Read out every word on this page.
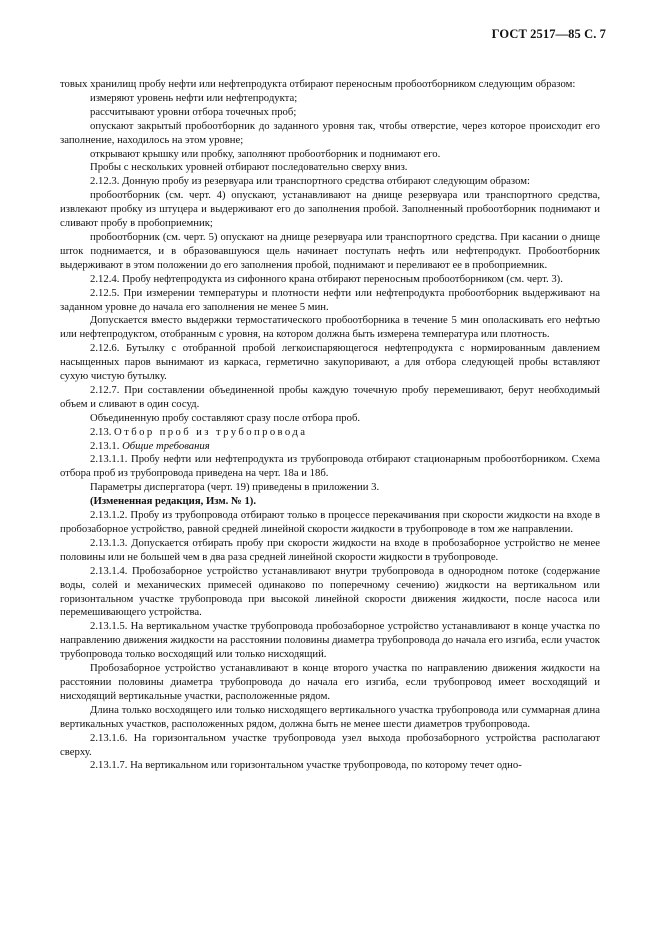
ГОСТ 2517—85 С. 7

товых хранилищ пробу нефти или нефтепродукта отбирают переносным пробоотборником следующим образом:

измеряют уровень нефти или нефтепродукта;

рассчитывают уровни отбора точечных проб;

опускают закрытый пробоотборник до заданного уровня так, чтобы отверстие, через которое происходит его заполнение, находилось на этом уровне;

открывают крышку или пробку, заполняют пробоотборник и поднимают его.

Пробы с нескольких уровней отбирают последовательно сверху вниз.

2.12.3. Донную пробу из резервуара или транспортного средства отбирают следующим образом:

пробоотборник (см. черт. 4) опускают, устанавливают на днище резервуара или транспортного средства, извлекают пробку из штуцера и выдерживают его до заполнения пробой. Заполненный пробоотборник поднимают и сливают пробу в пробоприемник;

пробоотборник (см. черт. 5) опускают на днище резервуара или транспортного средства. При касании о днище шток поднимается, и в образовавшуюся щель начинает поступать нефть или нефтепродукт. Пробоотборник выдерживают в этом положении до его заполнения пробой, поднимают и переливают ее в пробоприемник.

2.12.4. Пробу нефтепродукта из сифонного крана отбирают переносным пробоотборником (см. черт. 3).

2.12.5. При измерении температуры и плотности нефти или нефтепродукта пробоотборник выдерживают на заданном уровне до начала его заполнения не менее 5 мин.

Допускается вместо выдержки термостатического пробоотборника в течение 5 мин ополаскивать его нефтью или нефтепродуктом, отобранным с уровня, на котором должна быть измерена температура или плотность.

2.12.6. Бутылку с отобранной пробой легкоиспаряющегося нефтепродукта с нормированным давлением насыщенных паров вынимают из каркаса, герметично закупоривают, а для отбора следующей пробы вставляют сухую чистую бутылку.

2.12.7. При составлении объединенной пробы каждую точечную пробу перемешивают, берут необходимый объем и сливают в один сосуд.

Объединенную пробу составляют сразу после отбора проб.

2.13. Отбор проб из трубопровода

2.13.1. Общие требования

2.13.1.1. Пробу нефти или нефтепродукта из трубопровода отбирают стационарным пробоотборником. Схема отбора проб из трубопровода приведена на черт. 18а и 18б.

Параметры диспергатора (черт. 19) приведены в приложении 3.

(Измененная редакция, Изм. № 1).

2.13.1.2. Пробу из трубопровода отбирают только в процессе перекачивания при скорости жидкости на входе в пробозаборное устройство, равной средней линейной скорости жидкости в трубопроводе в том же направлении.

2.13.1.3. Допускается отбирать пробу при скорости жидкости на входе в пробозаборное устройство не менее половины или не большей чем в два раза средней линейной скорости жидкости в трубопроводе.

2.13.1.4. Пробозаборное устройство устанавливают внутри трубопровода в однородном потоке (содержание воды, солей и механических примесей одинаково по поперечному сечению) жидкости на вертикальном или горизонтальном участке трубопровода при высокой линейной скорости движения жидкости, после насоса или перемешивающего устройства.

2.13.1.5. На вертикальном участке трубопровода пробозаборное устройство устанавливают в конце участка по направлению движения жидкости на расстоянии половины диаметра трубопровода до начала его изгиба, если участок трубопровода только восходящий или только нисходящий.

Пробозаборное устройство устанавливают в конце второго участка по направлению движения жидкости на расстоянии половины диаметра трубопровода до начала его изгиба, если трубопровод имеет восходящий и нисходящий вертикальные участки, расположенные рядом.

Длина только восходящего или только нисходящего вертикального участка трубопровода или суммарная длина вертикальных участков, расположенных рядом, должна быть не менее шести диаметров трубопровода.

2.13.1.6. На горизонтальном участке трубопровода узел выхода пробозаборного устройства располагают сверху.

2.13.1.7. На вертикальном или горизонтальном участке трубопровода, по которому течет одно-
